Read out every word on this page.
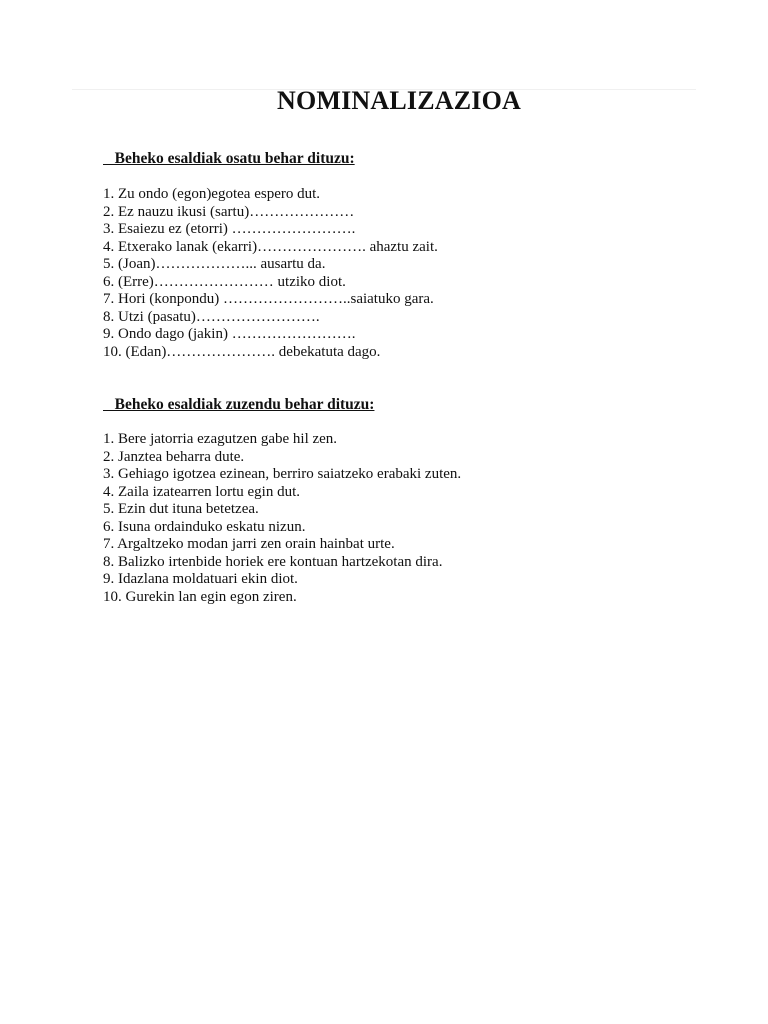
NOMINALIZAZIOA
Beheko esaldiak osatu behar dituzu:
1. Zu ondo (egon)egotea espero dut.
2. Ez nauzu ikusi (sartu)…………………
3. Esaiezu ez (etorri) …………………….
4. Etxerako lanak (ekarri)…………………. ahaztu zait.
5. (Joan)………………... ausartu da.
6. (Erre)…………………… utziko diot.
7. Hori (konpondu) ……………………..saiatuko gara.
8. Utzi (pasatu)…………………….
9. Ondo dago (jakin) …………………….
10. (Edan)…………………. debekatuta dago.
Beheko esaldiak zuzendu behar dituzu:
1. Bere jatorria ezagutzen gabe hil zen.
2. Janztea beharra dute.
3. Gehiago igotzea ezinean, berriro saiatzeko erabaki zuten.
4. Zaila izatearren lortu egin dut.
5. Ezin dut ituna betetzea.
6. Isuna ordainduko eskatu nizun.
7. Argaltzeko modan jarri zen orain hainbat urte.
8. Balizko irtenbide horiek ere kontuan hartzekotan dira.
9. Idazlana moldatuari ekin diot.
10. Gurekin lan egin egon ziren.
